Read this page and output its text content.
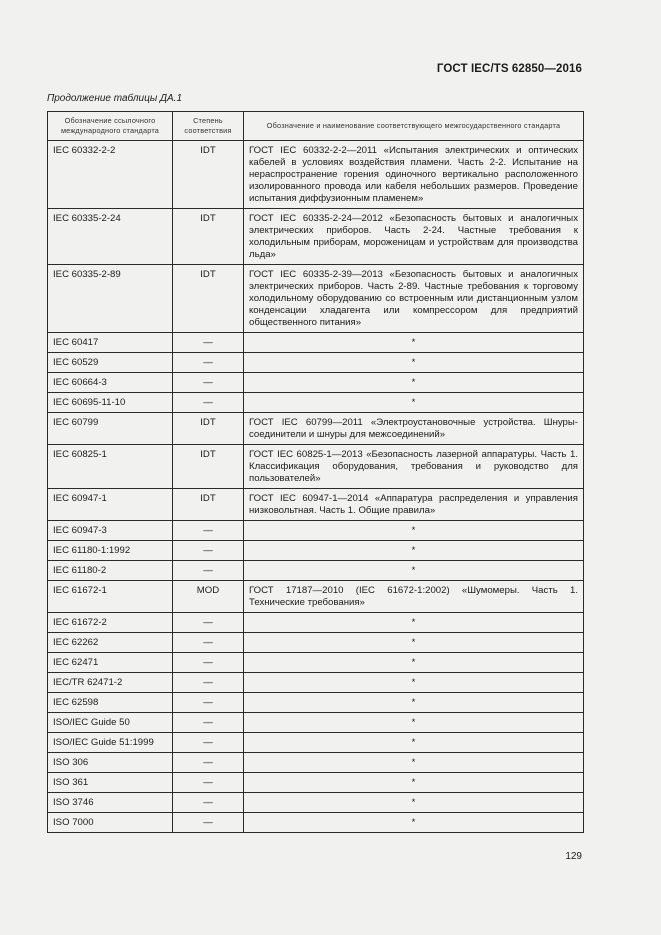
ГОСТ IEC/TS 62850—2016
Продолжение таблицы ДА.1
Обозначение ссылочного международного стандарта	Степень соответствия	Обозначение и наименование соответствующего межгосударственного стандарта
IEC 60332-2-2	IDT	ГОСТ IEC 60332-2-2—2011 «Испытания электрических и оптических кабелей в условиях воздействия пламени. Часть 2-2. Испытание на нераспространение горения одиночного вертикально расположенного изолированного провода или кабеля небольших размеров. Проведение испытания диффузионным пламенем»
IEC 60335-2-24	IDT	ГОСТ IEC 60335-2-24—2012 «Безопасность бытовых и аналогичных электрических приборов. Часть 2-24. Частные требования к холодильным приборам, мороженицам и устройствам для производства льда»
IEC 60335-2-89	IDT	ГОСТ IEC 60335-2-39—2013 «Безопасность бытовых и аналогичных электрических приборов. Часть 2-89. Частные требования к торговому холодильному оборудованию со встроенным или дистанционным узлом конденсации хладагента или компрессором для предприятий общественного питания»
IEC 60417	—	*
IEC 60529	—	*
IEC 60664-3	—	*
IEC 60695-11-10	—	*
IEC 60799	IDT	ГОСТ IEC 60799—2011 «Электроустановочные устройства. Шнуры-соединители и шнуры для межсоединений»
IEC 60825-1	IDT	ГОСТ IEC 60825-1—2013 «Безопасность лазерной аппаратуры. Часть 1. Классификация оборудования, требования и руководство для пользователей»
IEC 60947-1	IDT	ГОСТ IEC 60947-1—2014 «Аппаратура распределения и управления низковольтная. Часть 1. Общие правила»
IEC 60947-3	—	*
IEC 61180-1:1992	—	*
IEC 61180-2	—	*
IEC 61672-1	MOD	ГОСТ 17187—2010 (IEC 61672-1:2002) «Шумомеры. Часть 1. Технические требования»
IEC 61672-2	—	*
IEC 62262	—	*
IEC 62471	—	*
IEC/TR 62471-2	—	*
IEC 62598	—	*
ISO/IEC Guide 50	—	*
ISO/IEC Guide 51:1999	—	*
ISO 306	—	*
ISO 361	—	*
ISO 3746	—	*
ISO 7000	—	*
129
